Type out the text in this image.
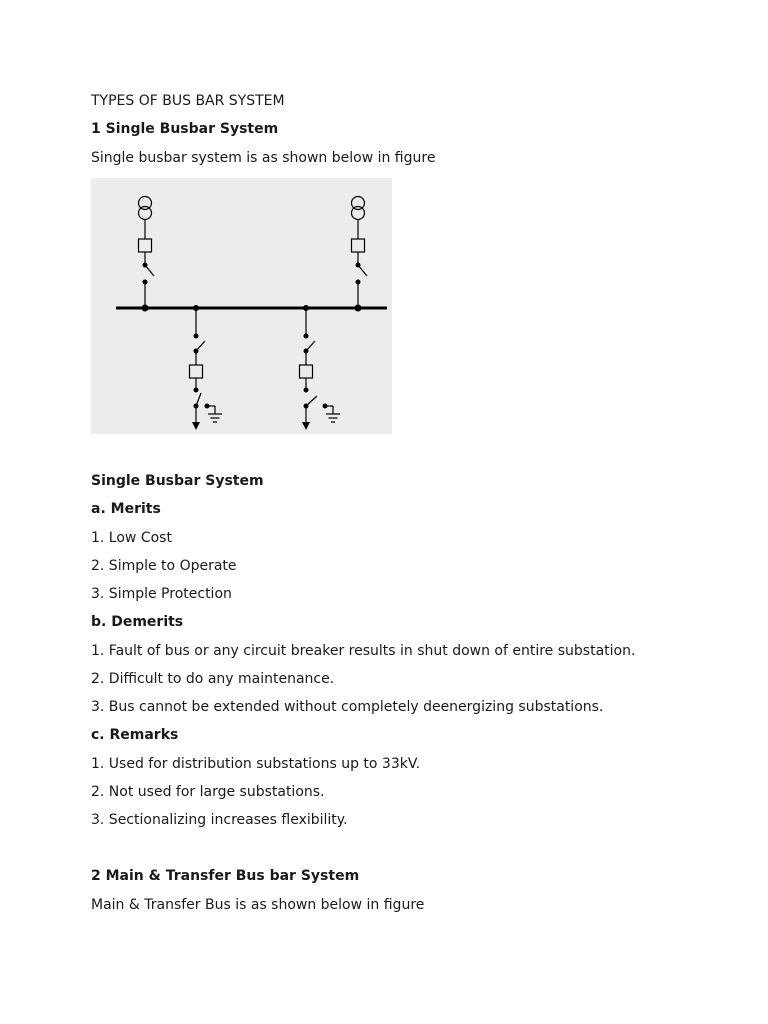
TYPES OF BUS BAR SYSTEM
1 Single Busbar System
Single busbar system is as shown below in figure
Single Busbar System
a. Merits
1. Low Cost
2. Simple to Operate
3. Simple Protection
b. Demerits
1. Fault of bus or any circuit breaker results in shut down of entire substation.
2. Difficult to do any maintenance.
3. Bus cannot be extended without completely deenergizing substations.
c. Remarks
1. Used for distribution substations up to 33kV.
2. Not used for large substations.
3. Sectionalizing increases flexibility.
2 Main & Transfer Bus bar System
Main & Transfer Bus is as shown below in figure
